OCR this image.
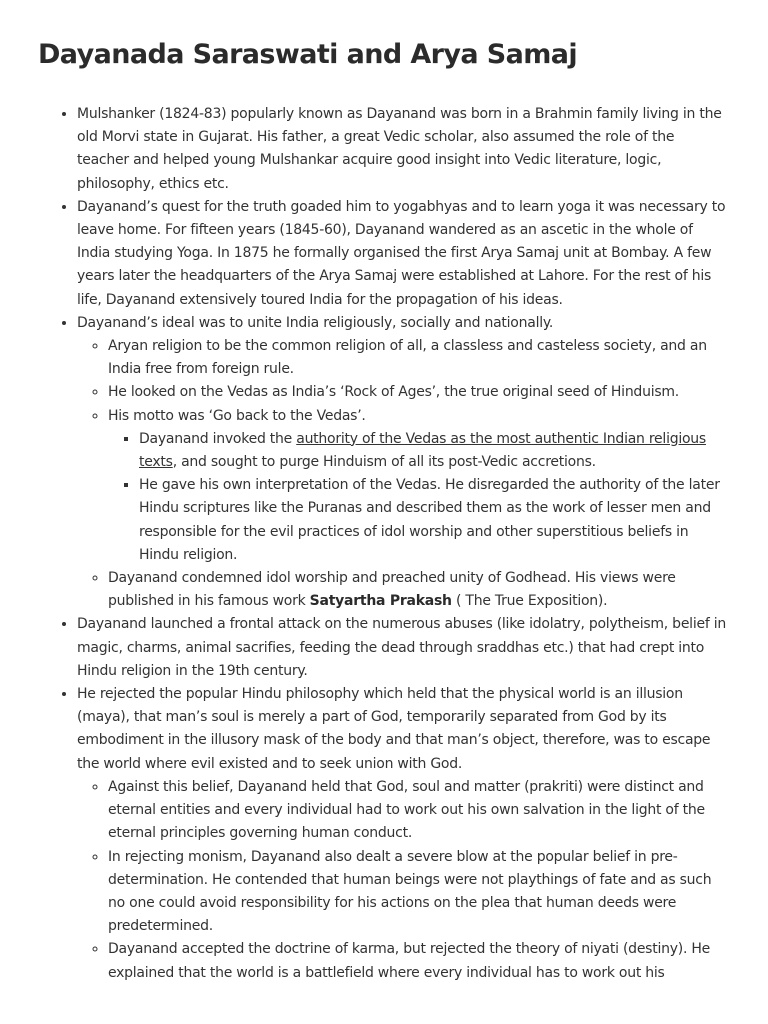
Dayanada Saraswati and Arya Samaj
• Mulshanker (1824-83) popularly known as Dayanand was born in a Brahmin family living in the old Morvi state in Gujarat. His father, a great Vedic scholar, also assumed the role of the teacher and helped young Mulshankar acquire good insight into Vedic literature, logic, philosophy, ethics etc.
• Dayanand’s quest for the truth goaded him to yogabhyas and to learn yoga it was necessary to leave home. For fifteen years (1845-60), Dayanand wandered as an ascetic in the whole of India studying Yoga. In 1875 he formally organised the first Arya Samaj unit at Bombay. A few years later the headquarters of the Arya Samaj were established at Lahore. For the rest of his life, Dayanand extensively toured India for the propagation of his ideas.
• Dayanand’s ideal was to unite India religiously, socially and nationally.
◦ Aryan religion to be the common religion of all, a classless and casteless society, and an India free from foreign rule.
◦ He looked on the Vedas as India’s ‘Rock of Ages’, the true original seed of Hinduism.
◦ His motto was ‘Go back to the Vedas’.
▪ Dayanand invoked the authority of the Vedas as the most authentic Indian religious texts, and sought to purge Hinduism of all its post-Vedic accretions.
▪ He gave his own interpretation of the Vedas. He disregarded the authority of the later Hindu scriptures like the Puranas and described them as the work of lesser men and responsible for the evil practices of idol worship and other superstitious beliefs in Hindu religion.
◦ Dayanand condemned idol worship and preached unity of Godhead. His views were published in his famous work Satyartha Prakash ( The True Exposition).
• Dayanand launched a frontal attack on the numerous abuses (like idolatry, polytheism, belief in magic, charms, animal sacrifies, feeding the dead through sraddhas etc.) that had crept into Hindu religion in the 19th century.
• He rejected the popular Hindu philosophy which held that the physical world is an illusion (maya), that man’s soul is merely a part of God, temporarily separated from God by its embodiment in the illusory mask of the body and that man’s object, therefore, was to escape the world where evil existed and to seek union with God.
◦ Against this belief, Dayanand held that God, soul and matter (prakriti) were distinct and eternal entities and every individual had to work out his own salvation in the light of the eternal principles governing human conduct.
◦ In rejecting monism, Dayanand also dealt a severe blow at the popular belief in pre-determination. He contended that human beings were not playthings of fate and as such no one could avoid responsibility for his actions on the plea that human deeds were predetermined.
◦ Dayanand accepted the doctrine of karma, but rejected the theory of niyati (destiny). He explained that the world is a battlefield where every individual has to work out his
